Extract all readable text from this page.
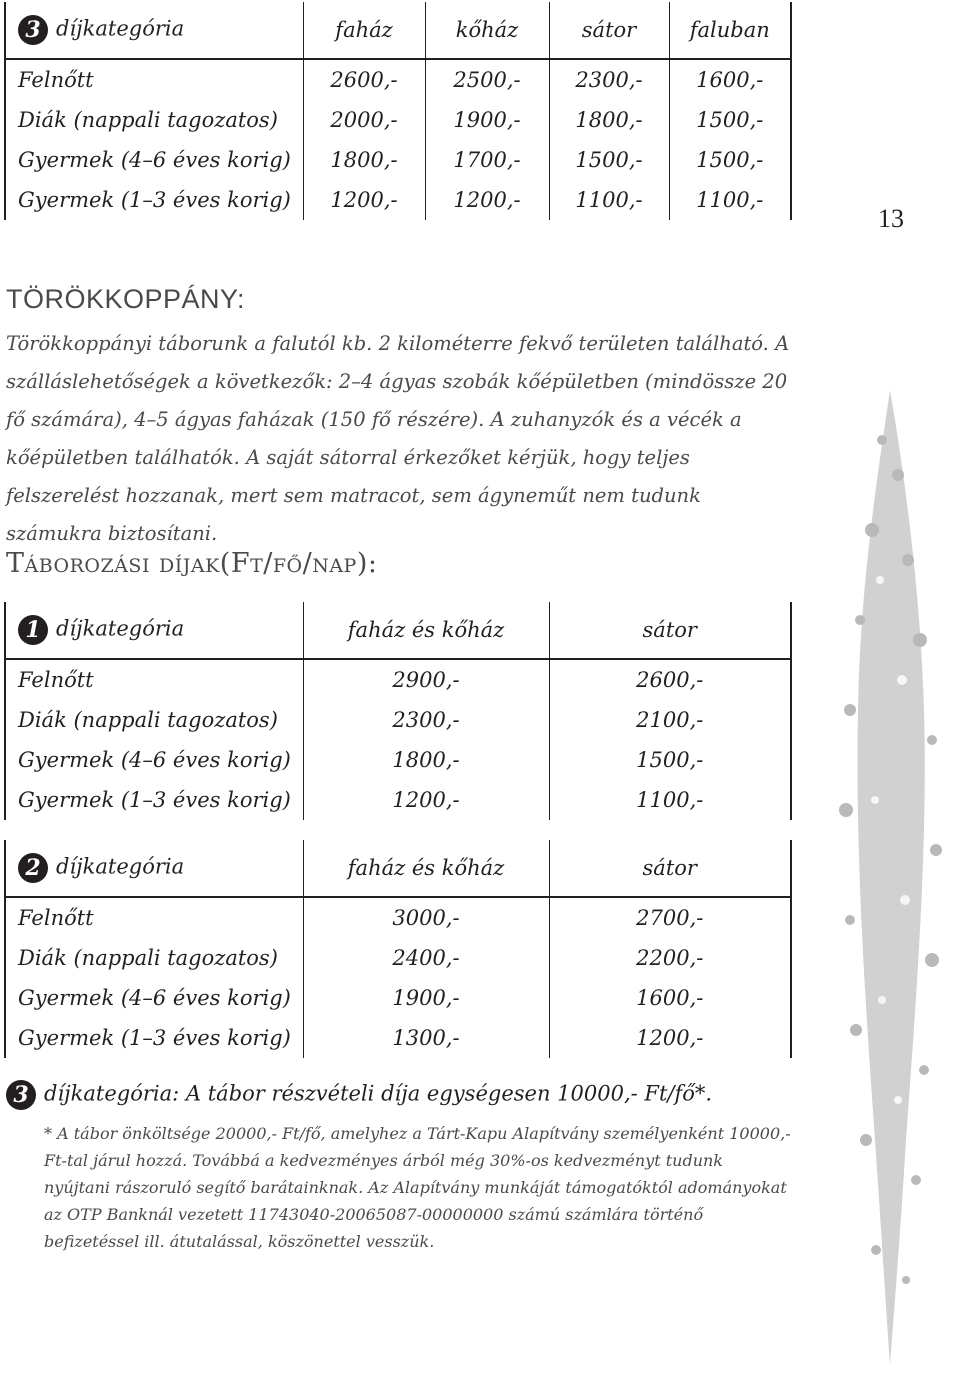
3 díjkategória	faház	kőház	sátor	faluban
Felnőtt	2600,-	2500,-	2300,-	1600,-
Diák (nappali tagozatos)	2000,-	1900,-	1800,-	1500,-
Gyermek (4–6 éves korig)	1800,-	1700,-	1500,-	1500,-
Gyermek (1–3 éves korig)	1200,-	1200,-	1100,-	1100,-
13
TÖRÖKKOPPÁNY:
Törökkoppányi táborunk a falutól kb. 2 kilométerre fekvő területen található. A szálláslehetőségek a következők: 2–4 ágyas szobák kőépületben (mindössze 20 fő számára), 4–5 ágyas faházak (150 fő részére). A zuhanyzók és a vécék a kőépületben találhatók. A saját sátorral érkezőket kérjük, hogy teljes felszerelést hozzanak, mert sem matracot, sem ágyneműt nem tudunk számukra biztosítani.
Táborozási díjak(Ft/fő/nap):
1 díjkategória	faház és kőház	sátor
Felnőtt	2900,-	2600,-
Diák (nappali tagozatos)	2300,-	2100,-
Gyermek (4–6 éves korig)	1800,-	1500,-
Gyermek (1–3 éves korig)	1200,-	1100,-
2 díjkategória	faház és kőház	sátor
Felnőtt	3000,-	2700,-
Diák (nappali tagozatos)	2400,-	2200,-
Gyermek (4–6 éves korig)	1900,-	1600,-
Gyermek (1–3 éves korig)	1300,-	1200,-
3 díjkategória: A tábor részvételi díja egységesen 10000,- Ft/fő*.
* A tábor önköltsége 20000,- Ft/fő, amelyhez a Tárt-Kapu Alapítvány személyenként 10000,- Ft-tal járul hozzá. Továbbá a kedvezményes árból még 30%-os kedvezményt tudunk nyújtani rászoruló segítő barátainknak. Az Alapítvány munkáját támogatóktól adományokat az OTP Banknál vezetett 11743040-20065087-00000000 számú számlára történő befizetéssel ill. átutalással, köszönettel vesszük.
